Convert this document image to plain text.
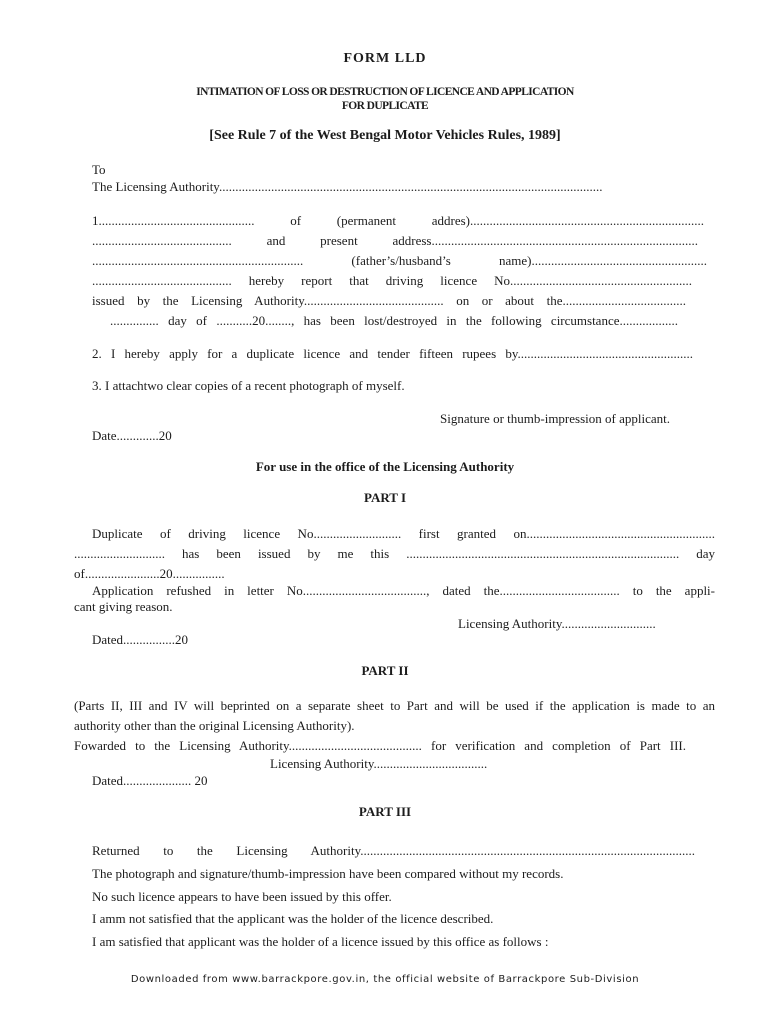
FORM LLD
INTIMATION OF LOSS OR DESTRUCTION OF LICENCE AND APPLICATION
FOR DUPLICATE
[See Rule 7 of the West Bengal Motor Vehicles Rules, 1989]
To
The Licensing Authority......................................................................................................................
1................................................ of (permanent addres)........................................................................
........................................... and present address..................................................................................
................................................................. (father’s/husband’s name)......................................................
........................................... hereby report that driving licence No........................................................
issued by the Licensing Authority........................................... on or about the......................................
............... day of ...........20........, has been lost/destroyed in the following circumstance..................
2. I hereby apply for a duplicate licence and tender fifteen rupees by......................................................
3. I attachtwo clear copies of a recent photograph of myself.
Signature or thumb-impression of applicant.
Date.............20
For use in the office of the Licensing Authority
PART I
Duplicate of driving licence No........................... first granted on..........................................................
............................ has been issued by me this .................................................................................... day
of.......................20................
Application refushed in letter No......................................, dated the..................................... to the appli-
cant giving reason.
Licensing Authority.............................
Dated................20
PART II
(Parts II, III and IV will beprinted on a separate sheet to Part and will be used if the application is made to an
authority other than the original Licensing Authority).
Fowarded to the Licensing Authority......................................... for verification and completion of Part III.
Licensing Authority...................................
Dated..................... 20
PART III
Returned to the Licensing Authority.......................................................................................................
The photograph and signature/thumb-impression have been compared without my records.
No such licence appears to have been issued by this offer.
I amm not satisfied that the applicant was the holder of the licence described.
I am satisfied that applicant was the holder of a licence issued by this office as follows :
Downloaded from www.barrackpore.gov.in, the official website of Barrackpore Sub-Division
